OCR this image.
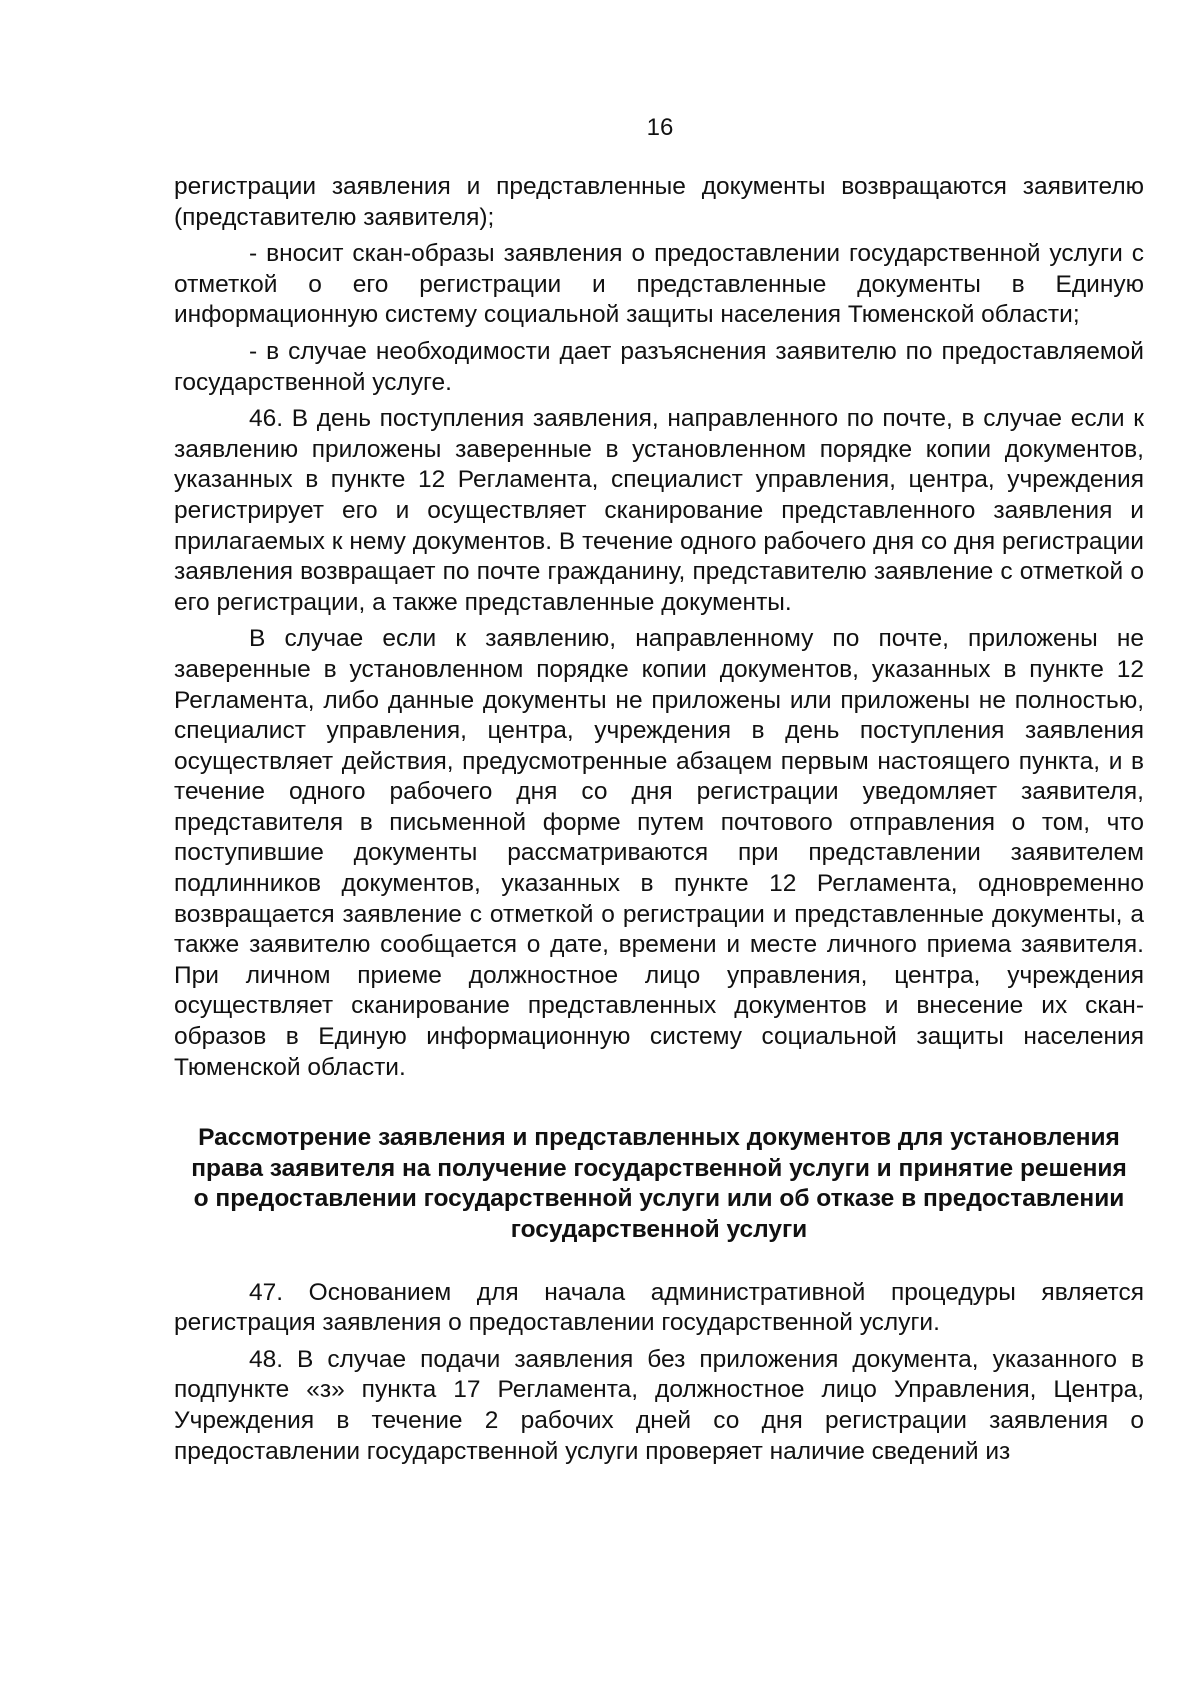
16

регистрации заявления и представленные документы возвращаются заявителю (представителю заявителя);

- вносит скан-образы заявления о предоставлении государственной услуги с отметкой о его регистрации и представленные документы в Единую информационную систему социальной защиты населения Тюменской области;

- в случае необходимости дает разъяснения заявителю по предоставляемой государственной услуге.

46. В день поступления заявления, направленного по почте, в случае если к заявлению приложены заверенные в установленном порядке копии документов, указанных в пункте 12 Регламента, специалист управления, центра, учреждения регистрирует его и осуществляет сканирование представленного заявления и прилагаемых к нему документов. В течение одного рабочего дня со дня регистрации заявления возвращает по почте гражданину, представителю заявление с отметкой о его регистрации, а также представленные документы.

В случае если к заявлению, направленному по почте, приложены не заверенные в установленном порядке копии документов, указанных в пункте 12 Регламента, либо данные документы не приложены или приложены не полностью, специалист управления, центра, учреждения в день поступления заявления осуществляет действия, предусмотренные абзацем первым настоящего пункта, и в течение одного рабочего дня со дня регистрации уведомляет заявителя, представителя в письменной форме путем почтового отправления о том, что поступившие документы рассматриваются при представлении заявителем подлинников документов, указанных в пункте 12 Регламента, одновременно возвращается заявление с отметкой о регистрации и представленные документы, а также заявителю сообщается о дате, времени и месте личного приема заявителя. При личном приеме должностное лицо управления, центра, учреждения осуществляет сканирование представленных документов и внесение их скан-образов в Единую информационную систему социальной защиты населения Тюменской области.

Рассмотрение заявления и представленных документов для установления права заявителя на получение государственной услуги и принятие решения о предоставлении государственной услуги или об отказе в предоставлении государственной услуги

47. Основанием для начала административной процедуры является регистрация заявления о предоставлении государственной услуги.

48. В случае подачи заявления без приложения документа, указанного в подпункте «з» пункта 17 Регламента, должностное лицо Управления, Центра, Учреждения в течение 2 рабочих дней со дня регистрации заявления о предоставлении государственной услуги проверяет наличие сведений из
